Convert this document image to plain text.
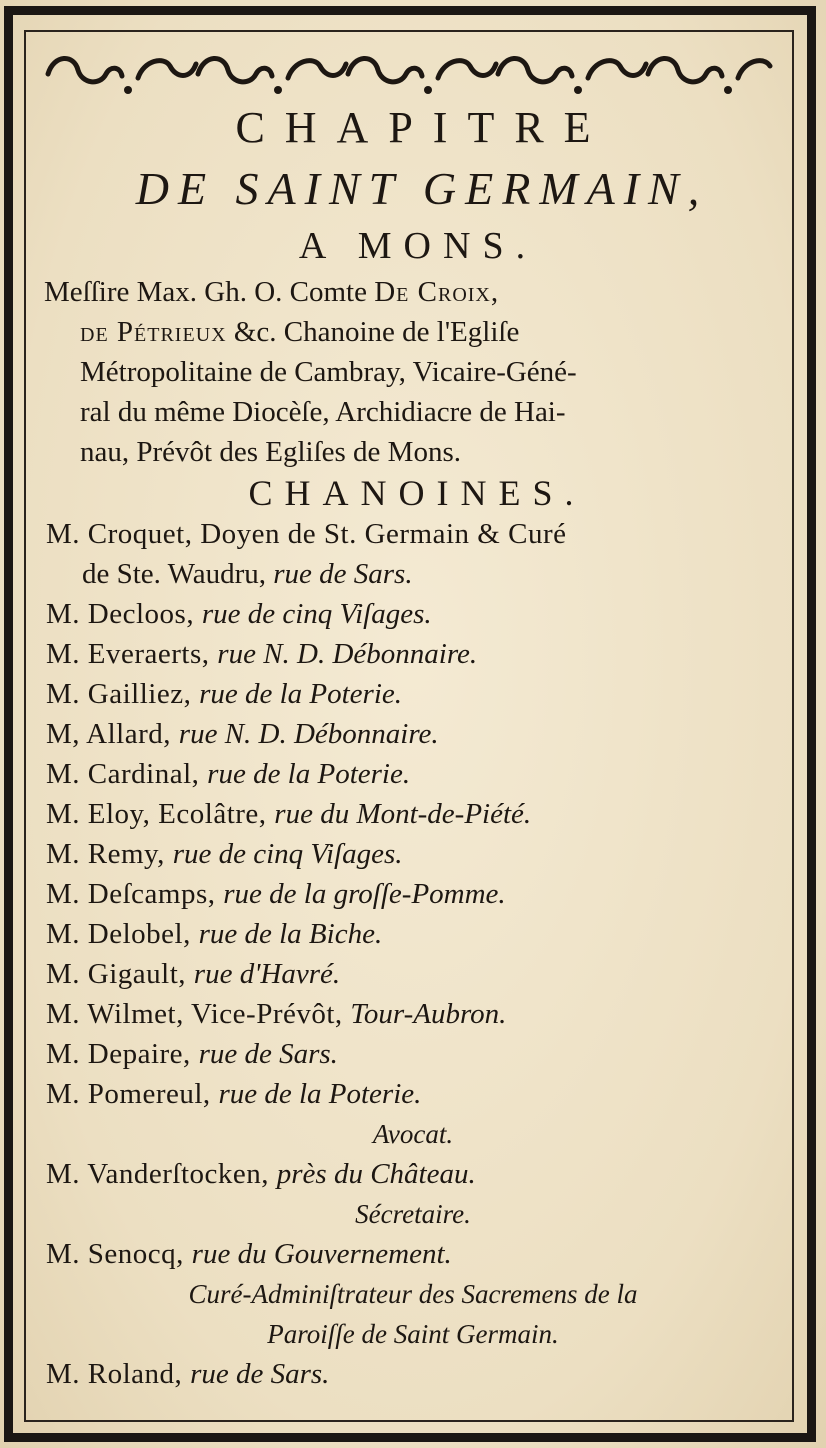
CHAPITRE
DE SAINT GERMAIN,
A MONS.
Meſſire Max. Gh. O. Comte De Croix,
de Pétrieux &c. Chanoine de l'Egliſe
Métropolitaine de Cambray, Vicaire-Géné-
ral du même Diocèſe, Archidiacre de Hai-
nau, Prévôt des Egliſes de Mons.
CHANOINES.
M. Croquet, Doyen de St. Germain & Curé
de Ste. Waudru, rue de Sars.
M. Decloos, rue de cinq Viſages.
M. Everaerts, rue N. D. Débonnaire.
M. Gailliez, rue de la Poterie.
M, Allard, rue N. D. Débonnaire.
M. Cardinal, rue de la Poterie.
M. Eloy, Ecolâtre, rue du Mont-de-Piété.
M. Remy, rue de cinq Viſages.
M. Deſcamps, rue de la groſſe-Pomme.
M. Delobel, rue de la Biche.
M. Gigault, rue d'Havré.
M. Wilmet, Vice-Prévôt, Tour-Aubron.
M. Depaire, rue de Sars.
M. Pomereul, rue de la Poterie.
Avocat.
M. Vanderſtocken, près du Château.
Sécretaire.
M. Senocq, rue du Gouvernement.
Curé-Adminiſtrateur des Sacremens de la
Paroiſſe de Saint Germain.
M. Roland, rue de Sars.
